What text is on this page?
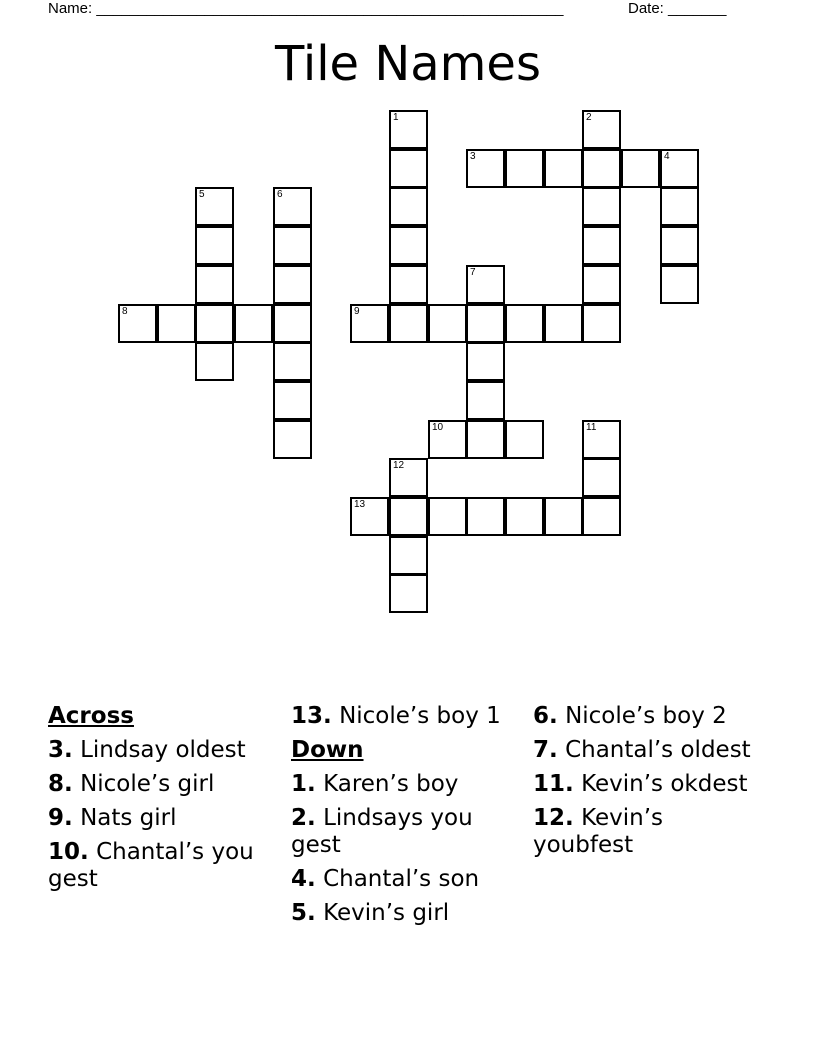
Name: ________________________________________________________	Date: _______
Tile Names
1	2
3	4
5	6
7
8	9
10	11
12
13
Across
3. Lindsay oldest
8. Nicole’s girl
9. Nats girl
10. Chantal’s you gest
13. Nicole’s boy 1
Down
1. Karen’s boy
2. Lindsays you gest
4. Chantal’s son
5. Kevin’s girl
6. Nicole’s boy 2
7. Chantal’s oldest
11. Kevin’s okdest
12. Kevin’s youbfest
